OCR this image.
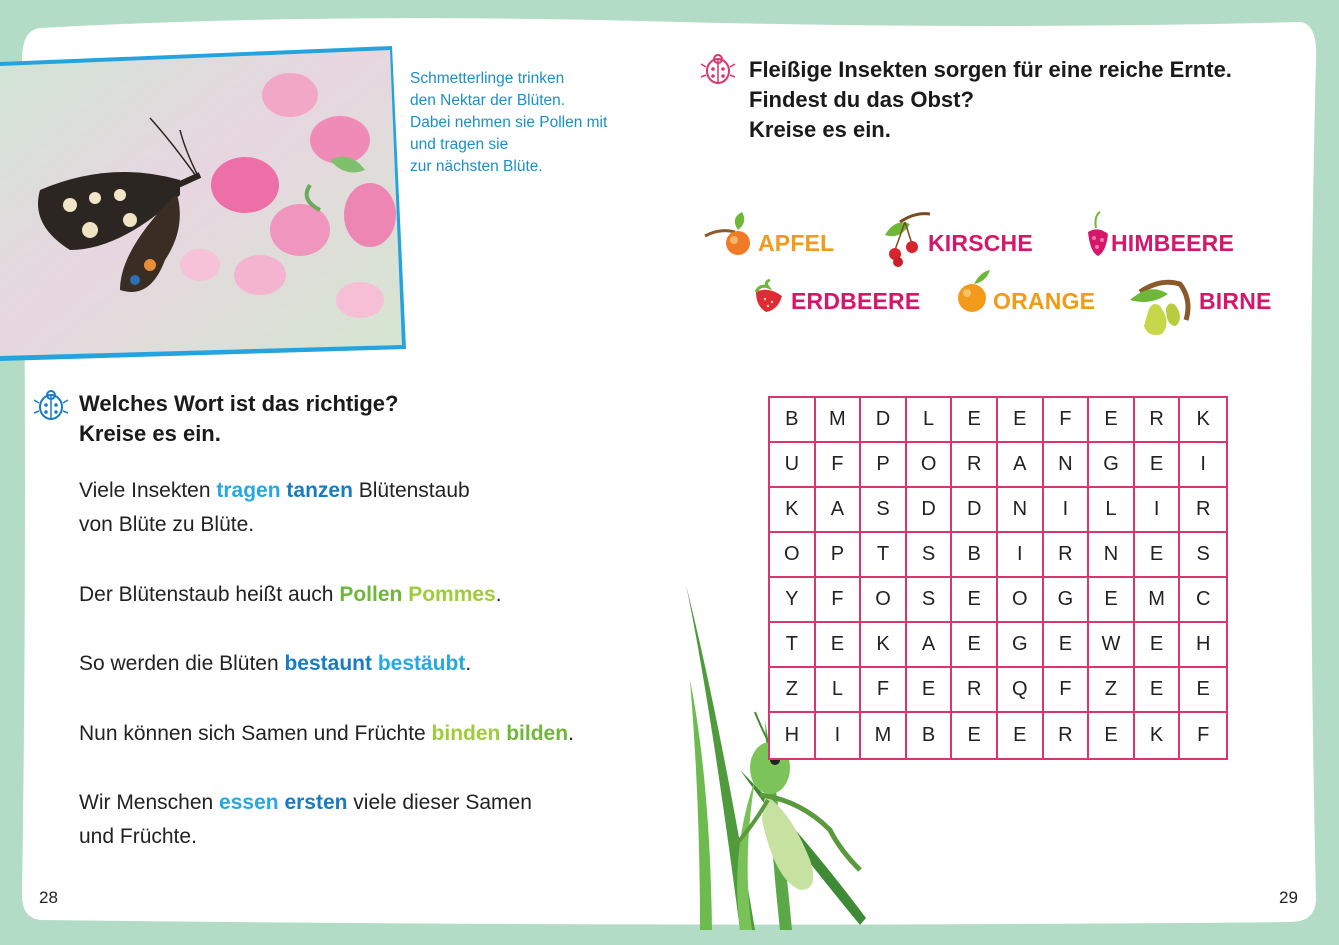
Schmetterlinge trinken
den Nektar der Blüten.
Dabei nehmen sie Pollen mit
und tragen sie
zur nächsten Blüte.
Welches Wort ist das richtige?
Kreise es ein.
Viele Insekten tragen tanzen Blütenstaub
von Blüte zu Blüte.
Der Blütenstaub heißt auch Pollen Pommes.
So werden die Blüten bestaunt bestäubt.
Nun können sich Samen und Früchte binden bilden.
Wir Menschen essen ersten viele dieser Samen
und Früchte.
28
Fleißige Insekten sorgen für eine reiche Ernte.
Findest du das Obst?
Kreise es ein.
APFEL	KIRSCHE	HIMBEERE
ERDBEERE	ORANGE	BIRNE
B	M	D	L	E	E	F	E	R	K
U	F	P	O	R	A	N	G	E	I
K	A	S	D	D	N	I	L	I	R
O	P	T	S	B	I	R	N	E	S
Y	F	O	S	E	O	G	E	M	C
T	E	K	A	E	G	E	W	E	H
Z	L	F	E	R	Q	F	Z	E	E
H	I	M	B	E	E	R	E	K	F
29
